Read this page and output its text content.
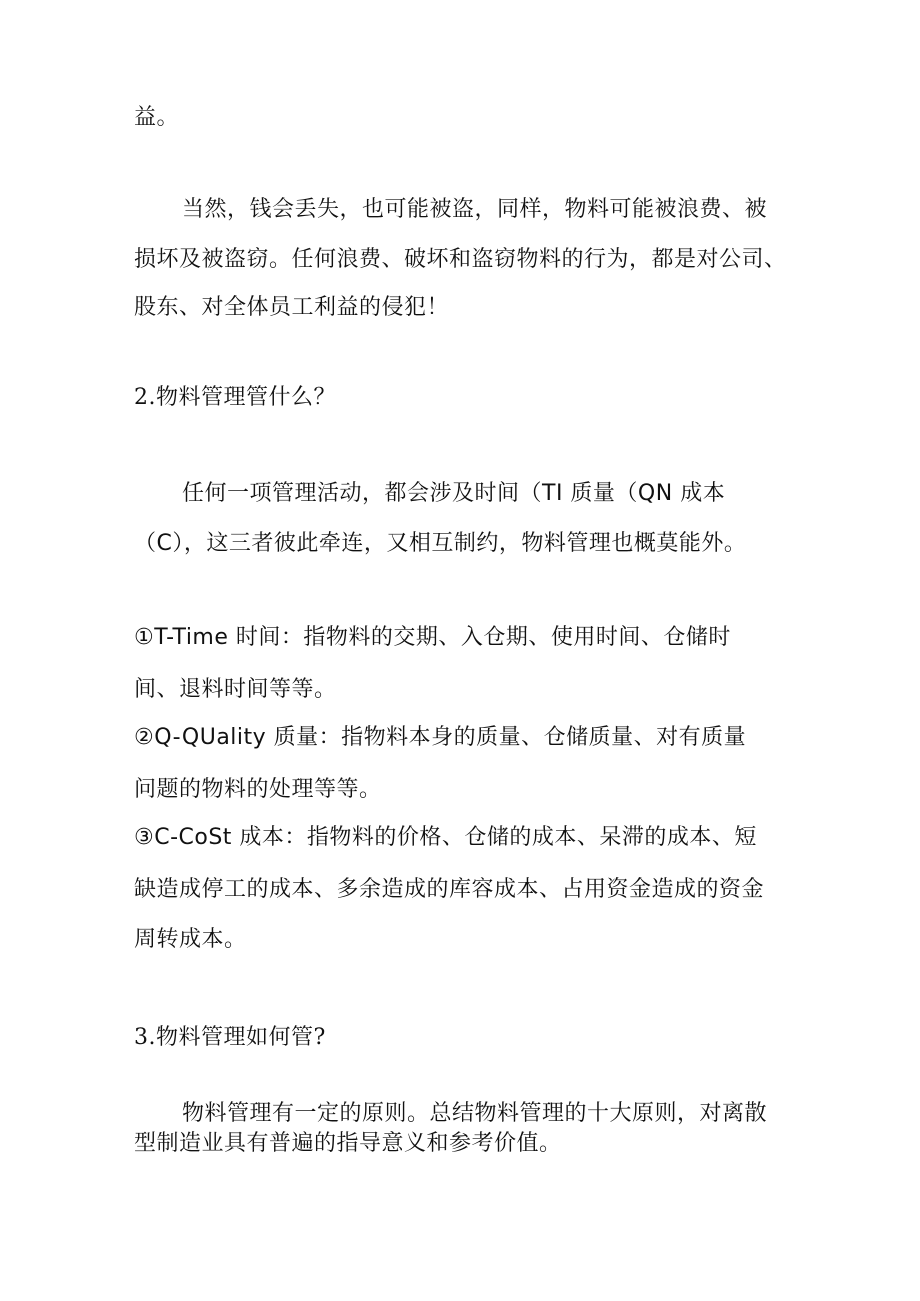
益。
当然，钱会丢失，也可能被盗，同样，物料可能被浪费、被
损坏及被盗窃。任何浪费、破坏和盗窃物料的行为，都是对公司、
股东、对全体员工利益的侵犯！
2.物料管理管什么？
任何一项管理活动，都会涉及时间（TI 质量（QN 成本
（C），这三者彼此牵连，又相互制约，物料管理也概莫能外。
①T-Time 时间：指物料的交期、入仓期、使用时间、仓储时
间、退料时间等等。
②Q-QUality 质量：指物料本身的质量、仓储质量、对有质量
问题的物料的处理等等。
③C-CoSt 成本：指物料的价格、仓储的成本、呆滞的成本、短
缺造成停工的成本、多余造成的库容成本、占用资金造成的资金
周转成本。
3.物料管理如何管?
物料管理有一定的原则。总结物料管理的十大原则，对离散
型制造业具有普遍的指导意义和参考价值。
